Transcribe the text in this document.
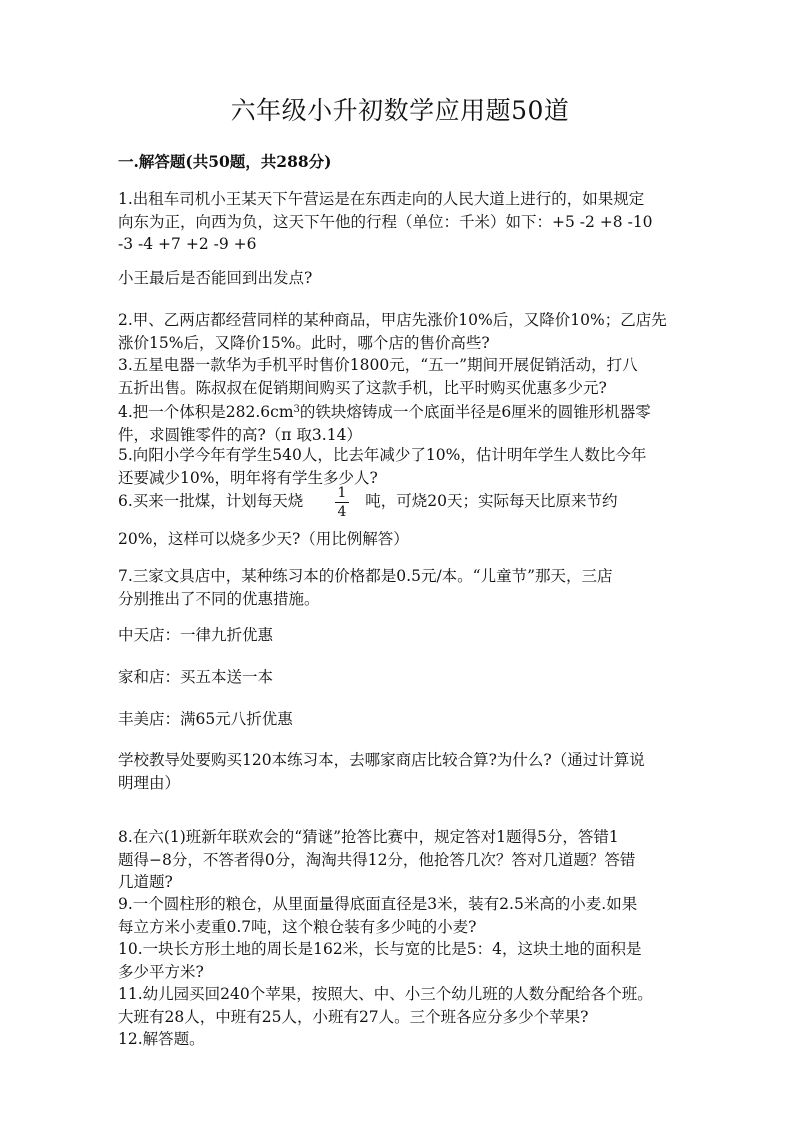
六年级小升初数学应用题50道
一.解答题(共50题，共288分)
1.出租车司机小王某天下午营运是在东西走向的人民大道上进行的，如果规定
向东为正，向西为负，这天下午他的行程（单位：千米）如下：+5 -2 +8 -10
-3 -4 +7 +2 -9 +6
小王最后是否能回到出发点?
2.甲、乙两店都经营同样的某种商品，甲店先涨价10%后，又降价10%；乙店先
涨价15%后，又降价15%。此时，哪个店的售价高些?
3.五星电器一款华为手机平时售价1800元，“五一”期间开展促销活动，打八
五折出售。陈叔叔在促销期间购买了这款手机，比平时购买优惠多少元?
4.把一个体积是$282.6cm^3$的铁块熔铸成一个底面半径是6厘米的圆锥形机器零
件，求圆锥零件的高?（π 取3.14）
5.向阳小学今年有学生540人，比去年减少了10%，估计明年学生人数比今年
还要减少10%，明年将有学生多少人?
6.买来一批煤，计划每天烧	吨，可烧20天；实际每天比原来节约
1
4
20%，这样可以烧多少天?（用比例解答）
7.三家文具店中，某种练习本的价格都是0.5元/本。“儿童节”那天，三店
分别推出了不同的优惠措施。
中天店：一律九折优惠
家和店：买五本送一本
丰美店：满65元八折优惠
学校教导处要购买120本练习本，去哪家商店比较合算?为什么?（通过计算说
明理由）
8.在六(1)班新年联欢会的“猜谜”抢答比赛中，规定答对1题得5分，答错1
题得−8分，不答者得0分，淘淘共得12分，他抢答几次？答对几道题？答错
几道题?
9.一个圆柱形的粮仓，从里面量得底面直径是3米，装有2.5米高的小麦.如果
每立方米小麦重0.7吨，这个粮仓装有多少吨的小麦?
10.一块长方形土地的周长是162米，长与宽的比是5：4，这块土地的面积是
多少平方米?
11.幼儿园买回240个苹果，按照大、中、小三个幼儿班的人数分配给各个班。
大班有28人，中班有25人，小班有27人。三个班各应分多少个苹果?
12.解答题。
